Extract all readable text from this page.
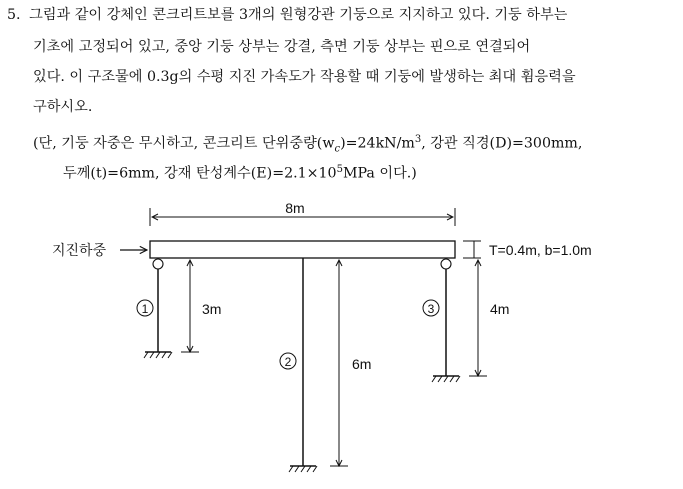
5. 그림과 같이 강체인 콘크리트보를 3개의 원형강관 기둥으로 지지하고 있다. 기둥 하부는
기초에 고정되어 있고, 중앙 기둥 상부는 강결, 측면 기둥 상부는 핀으로 연결되어
있다. 이 구조물에 0.3g의 수평 지진 가속도가 작용할 때 기둥에 발생하는 최대 휨응력을
구하시오.
(단, 기둥 자중은 무시하고, 콘크리트 단위중량$(w_c)=24kN/m^3$, 강관 직경(D)=300mm,
두께(t)=6mm, 강재 탄성계수$(E)=2.1\times 10^5MPa$ 이다.)
8m
지진하중	T=0.4m, b=1.0m
1	3m
2	6m
3	4m
